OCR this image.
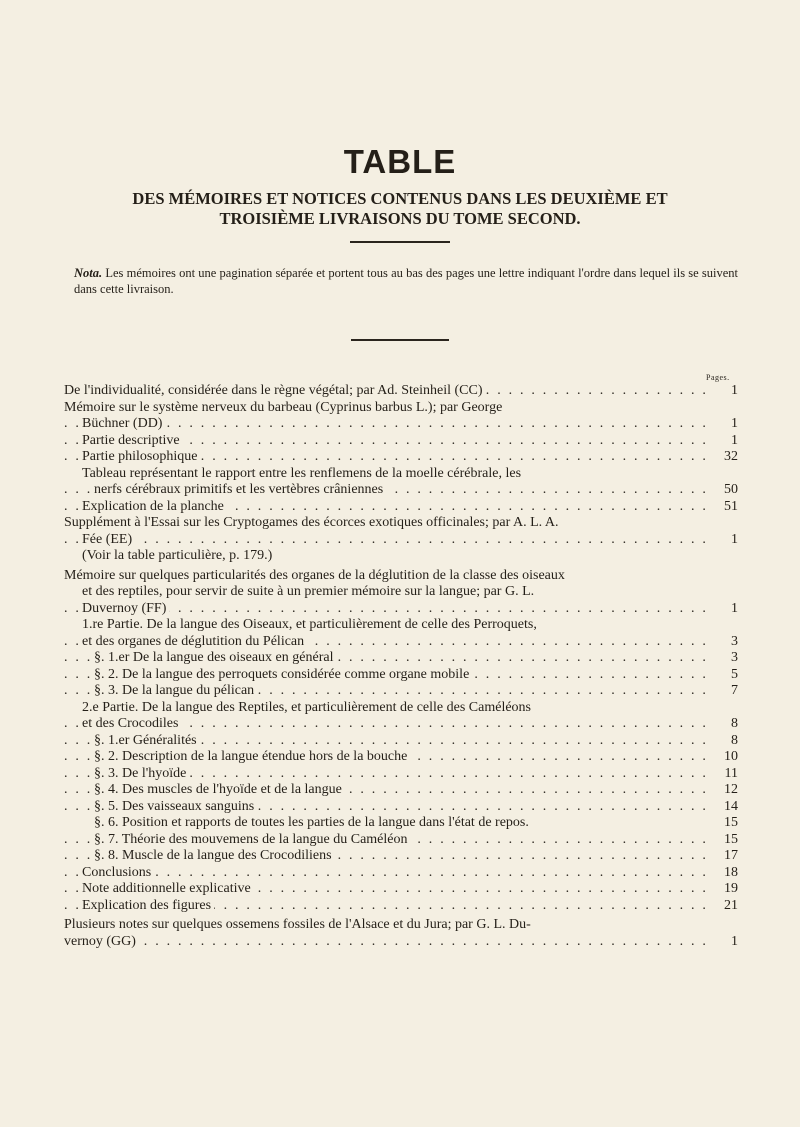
TABLE
DES MÉMOIRES ET NOTICES CONTENUS DANS LES DEUXIÈME ET
TROISIÈME LIVRAISONS DU TOME SECOND.
Nota. Les mémoires ont une pagination séparée et portent tous au bas des pages une lettre indiquant l'ordre dans lequel ils se suivent dans cette livraison.
Pages.
. . . De l'individualité, considérée dans le règne végétal; par Ad. Steinheil (CC)	1
Mémoire sur le système nerveux du barbeau (Cyprinus barbus L.); par George
. . . Büchner (DD)	1
. . . Partie descriptive	1
. . . Partie philosophique	32
Tableau représentant le rapport entre les renflemens de la moelle cérébrale, les
. . . nerfs cérébraux primitifs et les vertèbres crâniennes	50
. . . Explication de la planche	51
Supplément à l'Essai sur les Cryptogames des écorces exotiques officinales; par A. L. A.
. . . Fée (EE)	1
(Voir la table particulière, p. 179.)
Mémoire sur quelques particularités des organes de la déglutition de la classe des oiseaux
et des reptiles, pour servir de suite à un premier mémoire sur la langue; par G. L.
. . . Duvernoy (FF)	1
1.re Partie. De la langue des Oiseaux, et particulièrement de celle des Perroquets,
. . . et des organes de déglutition du Pélican	3
. . . §. 1.er De la langue des oiseaux en général	3
. . . §. 2. De la langue des perroquets considérée comme organe mobile	5
. . . §. 3. De la langue du pélican	7
2.e Partie. De la langue des Reptiles, et particulièrement de celle des Caméléons
. . . et des Crocodiles	8
. . . §. 1.er Généralités	8
. . . §. 2. Description de la langue étendue hors de la bouche	10
. . . §. 3. De l'hyoïde	11
. . . §. 4. Des muscles de l'hyoïde et de la langue	12
. . . §. 5. Des vaisseaux sanguins	14
§. 6. Position et rapports de toutes les parties de la langue dans l'état de repos.	15
. . . §. 7. Théorie des mouvemens de la langue du Caméléon	15
. . . §. 8. Muscle de la langue des Crocodiliens	17
. . . Conclusions	18
. . . Note additionnelle explicative	19
. . . Explication des figures	21
Plusieurs notes sur quelques ossemens fossiles de l'Alsace et du Jura; par G. L. Du-
. . . vernoy (GG)	1
